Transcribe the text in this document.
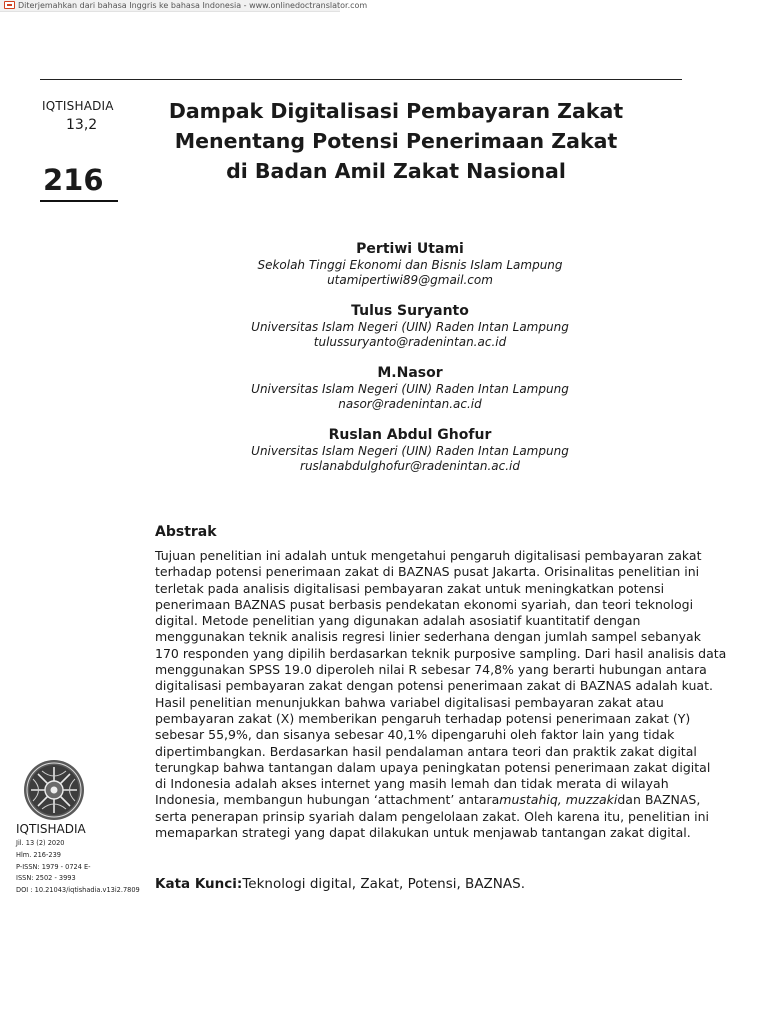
Diterjemahkan dari bahasa Inggris ke bahasa Indonesia - www.onlinedoctranslator.com
IQTISHADIA
13,2
216
Dampak Digitalisasi Pembayaran Zakat
Menentang Potensi Penerimaan Zakat
di Badan Amil Zakat Nasional
Pertiwi Utami
Sekolah Tinggi Ekonomi dan Bisnis Islam Lampung
utamipertiwi89@gmail.com
Tulus Suryanto
Universitas Islam Negeri (UIN) Raden Intan Lampung
tulussuryanto@radenintan.ac.id
M.Nasor
Universitas Islam Negeri (UIN) Raden Intan Lampung
nasor@radenintan.ac.id
Ruslan Abdul Ghofur
Universitas Islam Negeri (UIN) Raden Intan Lampung
ruslanabdulghofur@radenintan.ac.id
Abstrak
Tujuan penelitian ini adalah untuk mengetahui pengaruh digitalisasi pembayaran zakat
terhadap potensi penerimaan zakat di BAZNAS pusat Jakarta. Orisinalitas penelitian ini
terletak pada analisis digitalisasi pembayaran zakat untuk meningkatkan potensi
penerimaan BAZNAS pusat berbasis pendekatan ekonomi syariah, dan teori teknologi
digital. Metode penelitian yang digunakan adalah asosiatif kuantitatif dengan
menggunakan teknik analisis regresi linier sederhana dengan jumlah sampel sebanyak
170 responden yang dipilih berdasarkan teknik purposive sampling. Dari hasil analisis data
menggunakan SPSS 19.0 diperoleh nilai R sebesar 74,8% yang berarti hubungan antara
digitalisasi pembayaran zakat dengan potensi penerimaan zakat di BAZNAS adalah kuat.
Hasil penelitian menunjukkan bahwa variabel digitalisasi pembayaran zakat atau
pembayaran zakat (X) memberikan pengaruh terhadap potensi penerimaan zakat (Y)
sebesar 55,9%, dan sisanya sebesar 40,1% dipengaruhi oleh faktor lain yang tidak
dipertimbangkan. Berdasarkan hasil pendalaman antara teori dan praktik zakat digital
terungkap bahwa tantangan dalam upaya peningkatan potensi penerimaan zakat digital
di Indonesia adalah akses internet yang masih lemah dan tidak merata di wilayah
Indonesia, membangun hubungan ‘attachment’ antaramustahiq, muzzakidan BAZNAS,
serta penerapan prinsip syariah dalam pengelolaan zakat. Oleh karena itu, penelitian ini
memaparkan strategi yang dapat dilakukan untuk menjawab tantangan zakat digital.
Kata Kunci:Teknologi digital, Zakat, Potensi, BAZNAS.
IQTISHADIA
Jil. 13 (2) 2020
Hlm. 216-239
P-ISSN: 1979 - 0724 E-
ISSN: 2502 - 3993
DOI : 10.21043/iqtishadia.v13i2.7809
